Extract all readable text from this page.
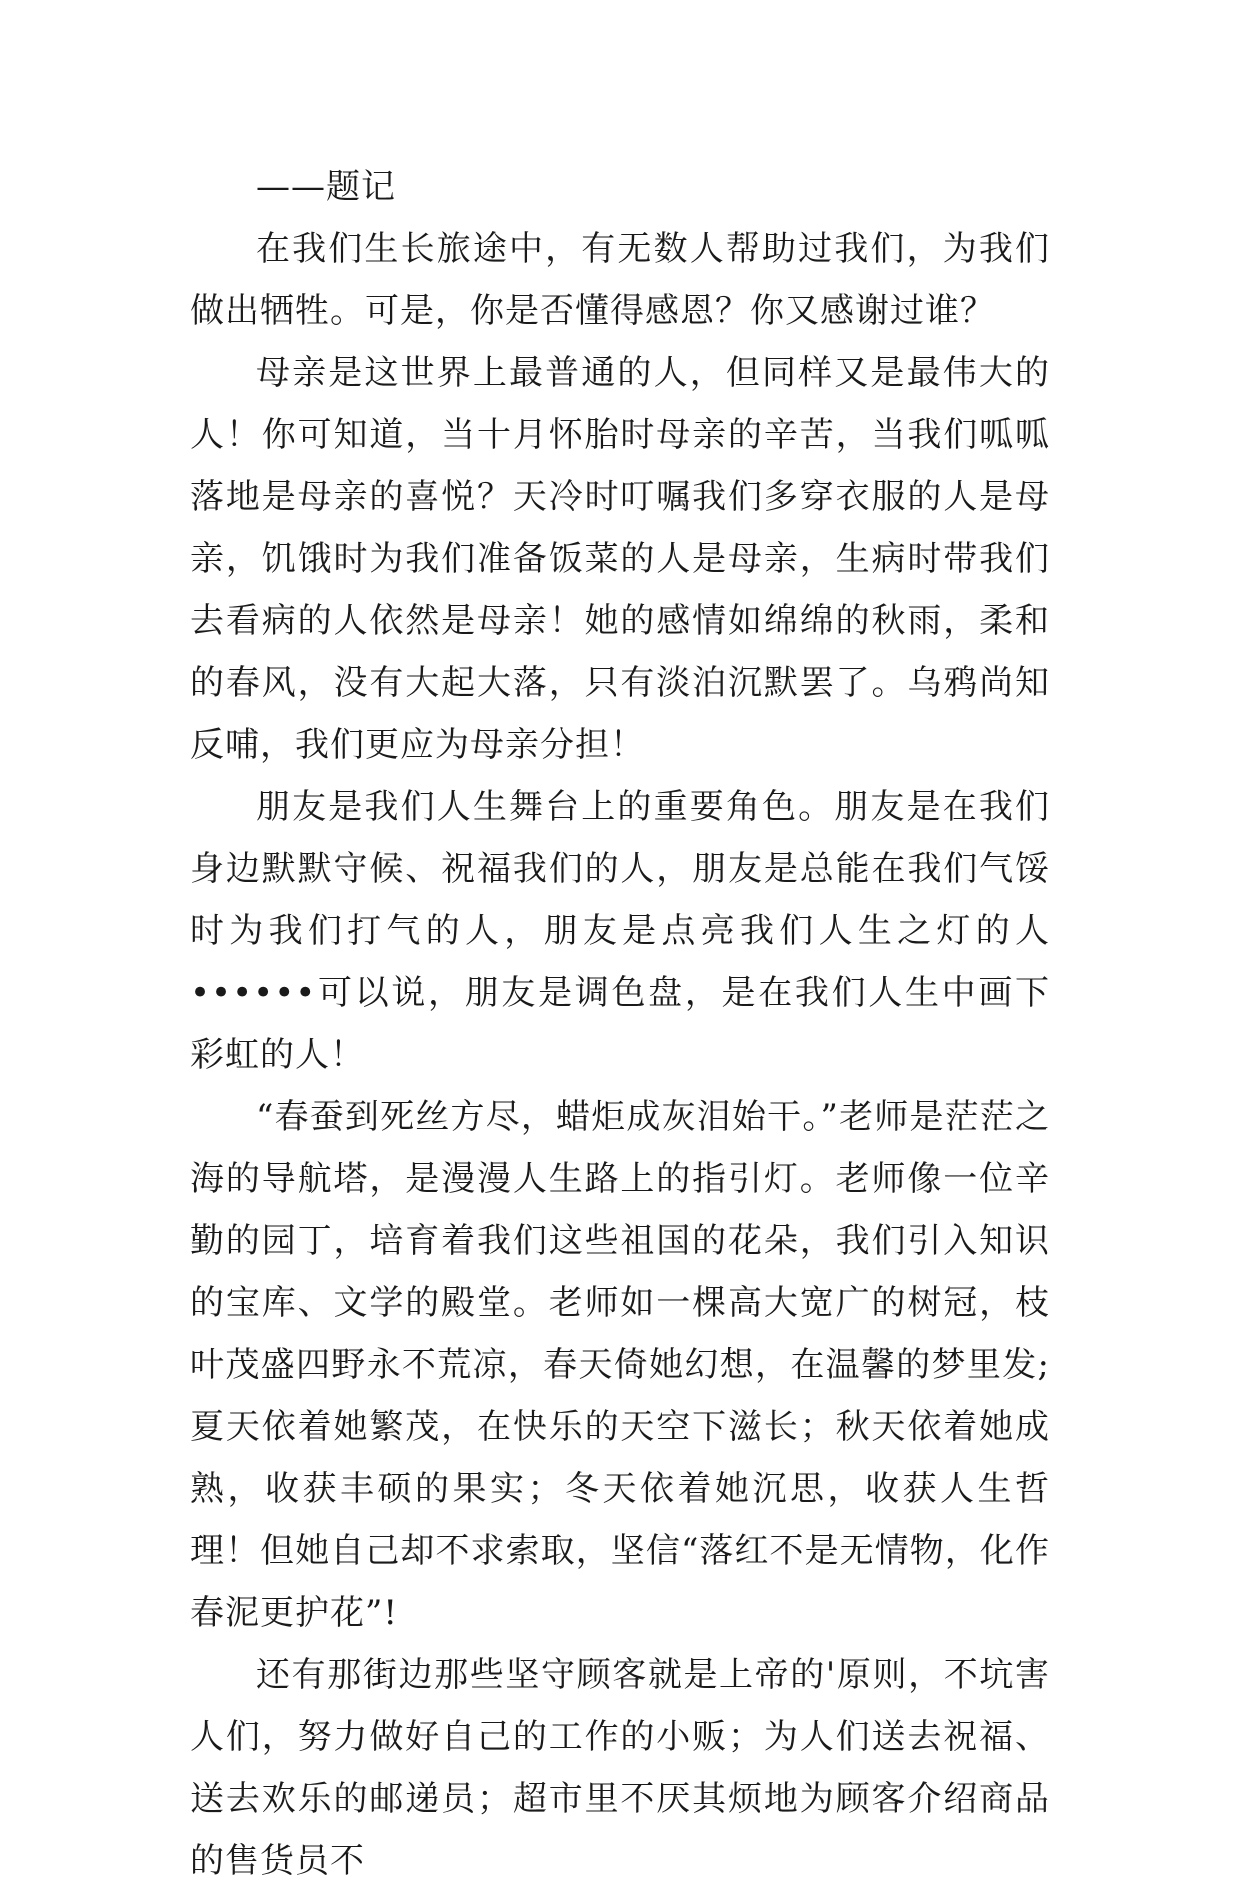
——题记

在我们生长旅途中，有无数人帮助过我们，为我们做出牺牲。可是，你是否懂得感恩？你又感谢过谁？

母亲是这世界上最普通的人，但同样又是最伟大的人！你可知道，当十月怀胎时母亲的辛苦，当我们呱呱落地是母亲的喜悦？天冷时叮嘱我们多穿衣服的人是母亲，饥饿时为我们准备饭菜的人是母亲，生病时带我们去看病的人依然是母亲！她的感情如绵绵的秋雨，柔和的春风，没有大起大落，只有淡泊沉默罢了。乌鸦尚知反哺，我们更应为母亲分担！

朋友是我们人生舞台上的重要角色。朋友是在我们身边默默守候、祝福我们的人，朋友是总能在我们气馁时为我们打气的人，朋友是点亮我们人生之灯的人••••••可以说，朋友是调色盘，是在我们人生中画下彩虹的人！

“春蚕到死丝方尽，蜡炬成灰泪始干。”老师是茫茫之海的导航塔，是漫漫人生路上的指引灯。老师像一位辛勤的园丁，培育着我们这些祖国的花朵，我们引入知识的宝库、文学的殿堂。老师如一棵高大宽广的树冠，枝叶茂盛四野永不荒凉，春天倚她幻想，在温馨的梦里发;夏天依着她繁茂，在快乐的天空下滋长；秋天依着她成熟，收获丰硕的果实；冬天依着她沉思，收获人生哲理！但她自己却不求索取，坚信“落红不是无情物，化作春泥更护花”!

还有那街边那些坚守顾客就是上帝的'原则，不坑害人们，努力做好自己的工作的小贩；为人们送去祝福、送去欢乐的邮递员；超市里不厌其烦地为顾客介绍商品的售货员不
